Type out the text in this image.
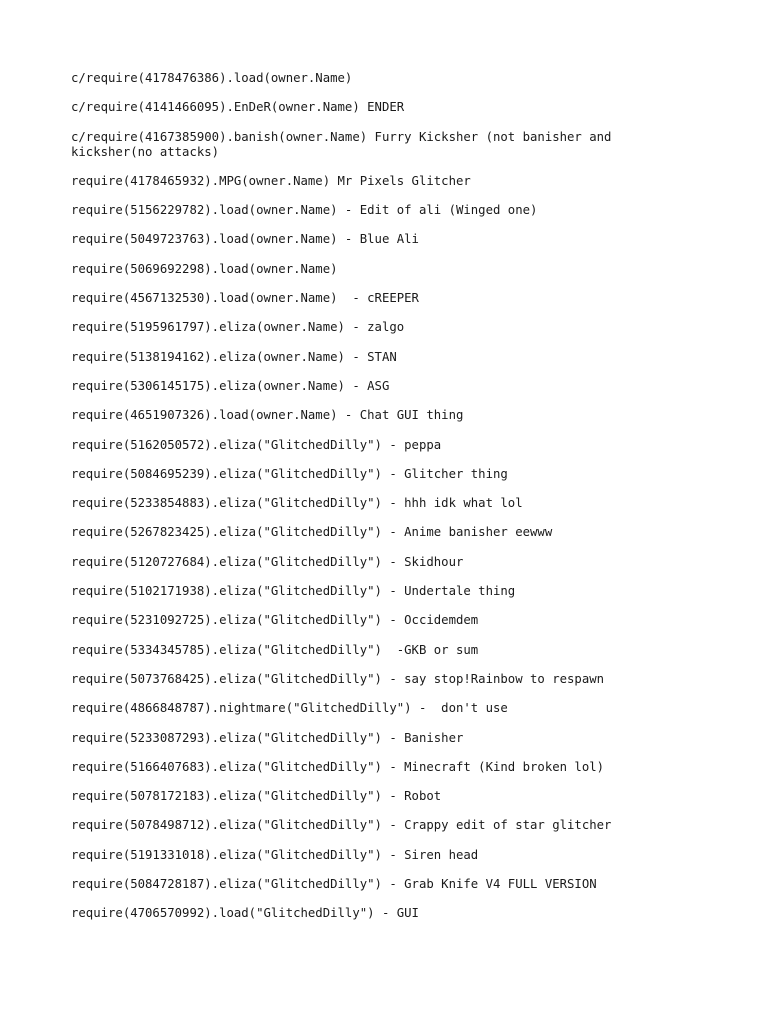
c/require(4178476386).load(owner.Name)

c/require(4141466095).EnDeR(owner.Name) ENDER

c/require(4167385900).banish(owner.Name) Furry Kicksher (not banisher and kicksher(no attacks)

require(4178465932).MPG(owner.Name) Mr Pixels Glitcher

require(5156229782).load(owner.Name) - Edit of ali (Winged one)

require(5049723763).load(owner.Name) - Blue Ali

require(5069692298).load(owner.Name)

require(4567132530).load(owner.Name)  - cREEPER

require(5195961797).eliza(owner.Name) - zalgo

require(5138194162).eliza(owner.Name) - STAN

require(5306145175).eliza(owner.Name) - ASG

require(4651907326).load(owner.Name) - Chat GUI thing

require(5162050572).eliza("GlitchedDilly") - peppa

require(5084695239).eliza("GlitchedDilly") - Glitcher thing

require(5233854883).eliza("GlitchedDilly") - hhh idk what lol

require(5267823425).eliza("GlitchedDilly") - Anime banisher eewww

require(5120727684).eliza("GlitchedDilly") - Skidhour

require(5102171938).eliza("GlitchedDilly") - Undertale thing

require(5231092725).eliza("GlitchedDilly") - Occidemdem

require(5334345785).eliza("GlitchedDilly")  -GKB or sum

require(5073768425).eliza("GlitchedDilly") - say stop!Rainbow to respawn

require(4866848787).nightmare("GlitchedDilly") -  don't use

require(5233087293).eliza("GlitchedDilly") - Banisher

require(5166407683).eliza("GlitchedDilly") - Minecraft (Kind broken lol)

require(5078172183).eliza("GlitchedDilly") - Robot

require(5078498712).eliza("GlitchedDilly") - Crappy edit of star glitcher

require(5191331018).eliza("GlitchedDilly") - Siren head

require(5084728187).eliza("GlitchedDilly") - Grab Knife V4 FULL VERSION

require(4706570992).load("GlitchedDilly") - GUI
